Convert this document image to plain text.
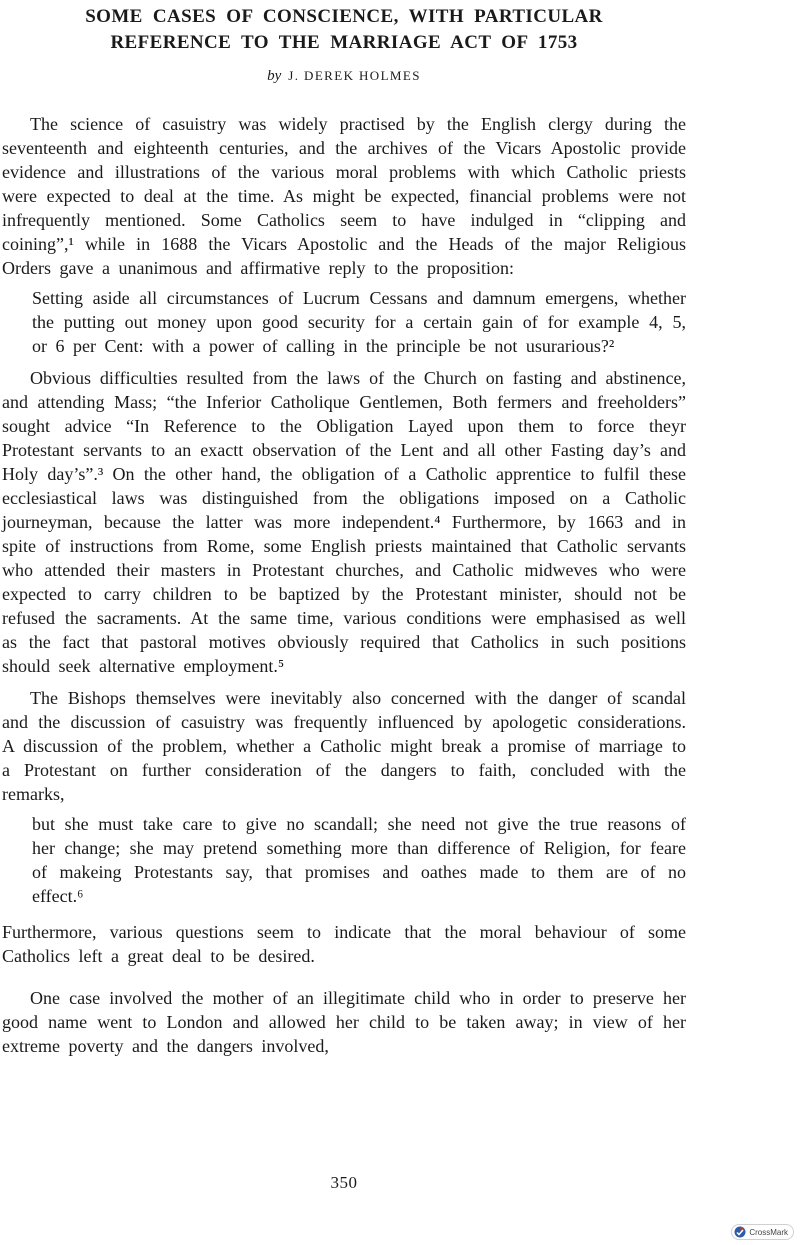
SOME CASES OF CONSCIENCE, WITH PARTICULAR
REFERENCE TO THE MARRIAGE ACT OF 1753
by J. DEREK HOLMES

The science of casuistry was widely practised by the English clergy during the seventeenth and eighteenth centuries, and the archives of the Vicars Apostolic provide evidence and illustrations of the various moral problems with which Catholic priests were expected to deal at the time. As might be expected, financial problems were not infrequently mentioned. Some Catholics seem to have indulged in “clipping and coining”,¹ while in 1688 the Vicars Apostolic and the Heads of the major Religious Orders gave a unanimous and affirmative reply to the proposition:

Setting aside all circumstances of Lucrum Cessans and damnum emergens, whether the putting out money upon good security for a certain gain of for example 4, 5, or 6 per Cent: with a power of calling in the principle be not usurarious?²

Obvious difficulties resulted from the laws of the Church on fasting and abstinence, and attending Mass; “the Inferior Catholique Gentlemen, Both fermers and freeholders” sought advice “In Reference to the Obligation Layed upon them to force theyr Protestant servants to an exactt observation of the Lent and all other Fasting day’s and Holy day’s”.³ On the other hand, the obligation of a Catholic apprentice to fulfil these ecclesiastical laws was distinguished from the obligations imposed on a Catholic journeyman, because the latter was more independent.⁴ Furthermore, by 1663 and in spite of instructions from Rome, some English priests maintained that Catholic servants who attended their masters in Protestant churches, and Catholic midweves who were expected to carry children to be baptized by the Protestant minister, should not be refused the sacraments. At the same time, various conditions were emphasised as well as the fact that pastoral motives obviously required that Catholics in such positions should seek alternative employment.⁵

The Bishops themselves were inevitably also concerned with the danger of scandal and the discussion of casuistry was frequently influenced by apologetic considerations. A discussion of the problem, whether a Catholic might break a promise of marriage to a Protestant on further consideration of the dangers to faith, concluded with the remarks,

but she must take care to give no scandall; she need not give the true reasons of her change; she may pretend something more than difference of Religion, for feare of makeing Protestants say, that promises and oathes made to them are of no effect.⁶

Furthermore, various questions seem to indicate that the moral behaviour of some Catholics left a great deal to be desired.

One case involved the mother of an illegitimate child who in order to preserve her good name went to London and allowed her child to be taken away; in view of her extreme poverty and the dangers involved,

350
CrossMark
